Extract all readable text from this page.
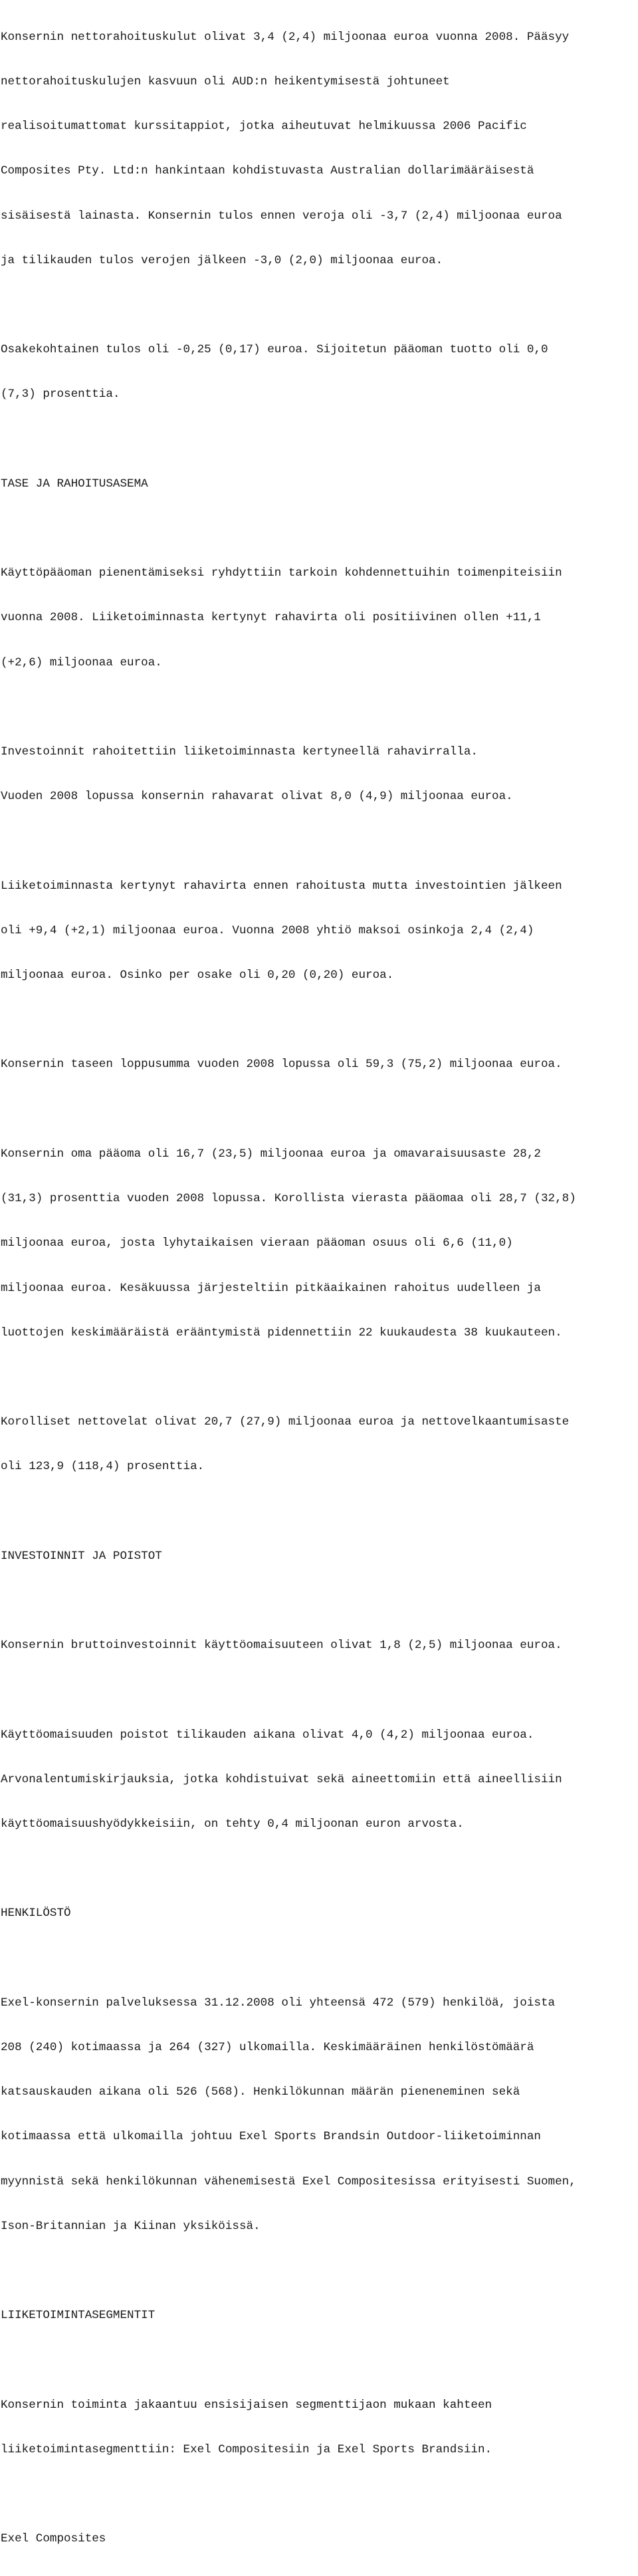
Konsernin nettorahoituskulut olivat 3,4 (2,4) miljoonaa euroa vuonna 2008. Pääsyy

nettorahoituskulujen kasvuun oli AUD:n heikentymisestä johtuneet

realisoitumattomat kurssitappiot, jotka aiheutuvat helmikuussa 2006 Pacific

Composites Pty. Ltd:n hankintaan kohdistuvasta Australian dollarimääräisestä

sisäisestä lainasta. Konsernin tulos ennen veroja oli -3,7 (2,4) miljoonaa euroa

ja tilikauden tulos verojen jälkeen -3,0 (2,0) miljoonaa euroa.

Osakekohtainen tulos oli -0,25 (0,17) euroa. Sijoitetun pääoman tuotto oli 0,0

(7,3) prosenttia.

TASE JA RAHOITUSASEMA

Käyttöpääoman pienentämiseksi ryhdyttiin tarkoin kohdennettuihin toimenpiteisiin

vuonna 2008. Liiketoiminnasta kertynyt rahavirta oli positiivinen ollen +11,1

(+2,6) miljoonaa euroa.

Investoinnit rahoitettiin liiketoiminnasta kertyneellä rahavirralla.

Vuoden 2008 lopussa konsernin rahavarat olivat 8,0 (4,9) miljoonaa euroa.

Liiketoiminnasta kertynyt rahavirta ennen rahoitusta mutta investointien jälkeen

oli +9,4 (+2,1) miljoonaa euroa. Vuonna 2008 yhtiö maksoi osinkoja 2,4 (2,4)

miljoonaa euroa. Osinko per osake oli 0,20 (0,20) euroa.

Konsernin taseen loppusumma vuoden 2008 lopussa oli 59,3 (75,2) miljoonaa euroa.

Konsernin oma pääoma oli 16,7 (23,5) miljoonaa euroa ja omavaraisuusaste 28,2

(31,3) prosenttia vuoden 2008 lopussa. Korollista vierasta pääomaa oli 28,7 (32,8)

miljoonaa euroa, josta lyhytaikaisen vieraan pääoman osuus oli 6,6 (11,0)

miljoonaa euroa. Kesäkuussa järjesteltiin pitkäaikainen rahoitus uudelleen ja

luottojen keskimääräistä erääntymistä pidennettiin 22 kuukaudesta 38 kuukauteen.

Korolliset nettovelat olivat 20,7 (27,9) miljoonaa euroa ja nettovelkaantumisaste

oli 123,9 (118,4) prosenttia.

INVESTOINNIT JA POISTOT

Konsernin bruttoinvestoinnit käyttöomaisuuteen olivat 1,8 (2,5) miljoonaa euroa.

Käyttöomaisuuden poistot tilikauden aikana olivat 4,0 (4,2) miljoonaa euroa.

Arvonalentumiskirjauksia, jotka kohdistuivat sekä aineettomiin että aineellisiin

käyttöomaisuushyödykkeisiin, on tehty 0,4 miljoonan euron arvosta.

HENKILÖSTÖ

Exel-konsernin palveluksessa 31.12.2008 oli yhteensä 472 (579) henkilöä, joista

208 (240) kotimaassa ja 264 (327) ulkomailla. Keskimääräinen henkilöstömäärä

katsauskauden aikana oli 526 (568). Henkilökunnan määrän pieneneminen sekä

kotimaassa että ulkomailla johtuu Exel Sports Brandsin Outdoor-liiketoiminnan

myynnistä sekä henkilökunnan vähenemisestä Exel Compositesissa erityisesti Suomen,

Ison-Britannian ja Kiinan yksiköissä.

LIIKETOIMINTASEGMENTIT

Konsernin toiminta jakaantuu ensisijaisen segmenttijaon mukaan kahteen

liiketoimintasegmenttiin: Exel Compositesiin ja Exel Sports Brandsiin.

Exel Composites
